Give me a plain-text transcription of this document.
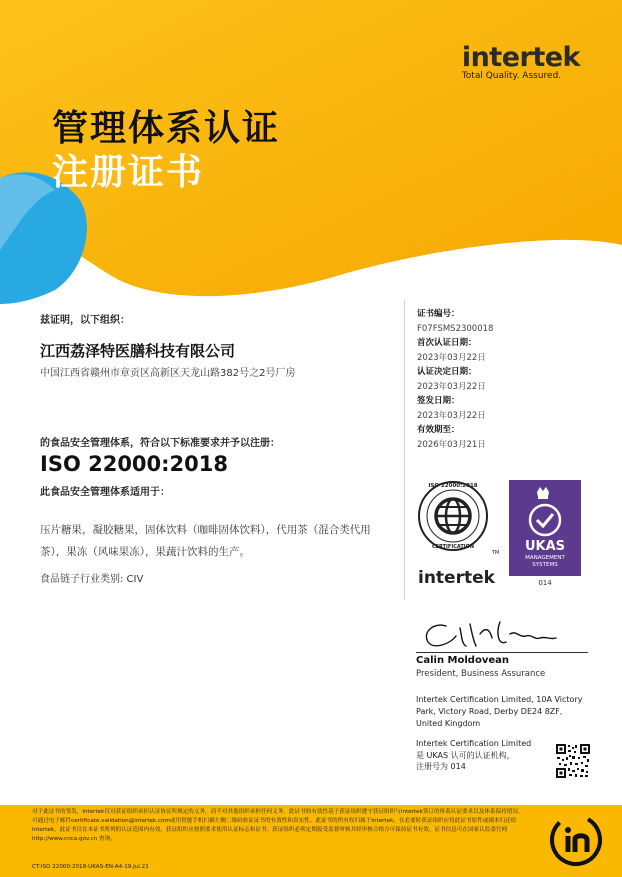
intertek
Total Quality. Assured.
管理体系认证
注册证书
兹证明，以下组织：
江西荔泽特医膳科技有限公司
中国江西省赣州市章贡区高新区天龙山路382号之2号厂房
的食品安全管理体系，符合以下标准要求并予以注册：
ISO 22000:2018
此食品安全管理体系适用于：
压片糖果，凝胶糖果，固体饮料（咖啡固体饮料），代用茶（混合类代用
茶），果冻（风味果冻），果蔬汁饮料的生产。
食品链子行业类别: CIV
证书编号：
F07FSMS2300018
首次认证日期：
2023年03月22日
认证决定日期：
2023年03月22日
签发日期：
2023年03月22日
有效期至：
2026年03月21日
ISO 22000:2018
CERTIFICATION
TM
intertek
UKAS
MANAGEMENT
SYSTEMS
014
Calin Moldovean
President, Business Assurance
Intertek Certification Limited, 10A Victory Park, Victory Road, Derby DE24 8ZF, United Kingdom
Intertek Certification Limited
是 UKAS 认可的认证机构，
注册号为 014
对于此证书的签发，Intertek仅对获证组织承担认证协议所规定的义务，而不对其他组织承担任何义务。此证书的有效性基于获证组织遵守获证组织与Intertek签订的体系认证要求以及体系保持情况。可通过电子邮件certificate.validation@intertek.com或用智能手机扫描左侧二维码验证证书的有效性和真实性。此证书的所有权归属于Intertek，在必要时获证组织应将此证书原件或副本归还给Intertek。此证书仅在本证书所列的认证范围内有效，获证组织应按照要求使用认证标志和证书。获证组织必须定期接受监督审核并经审核合格方可保持证书有效。证书信息可在国家认监委官网 http://www.cnca.gov.cn 查询。
CT-ISO 22000:2018-UKAS-EN-A4-19.Jul.21
